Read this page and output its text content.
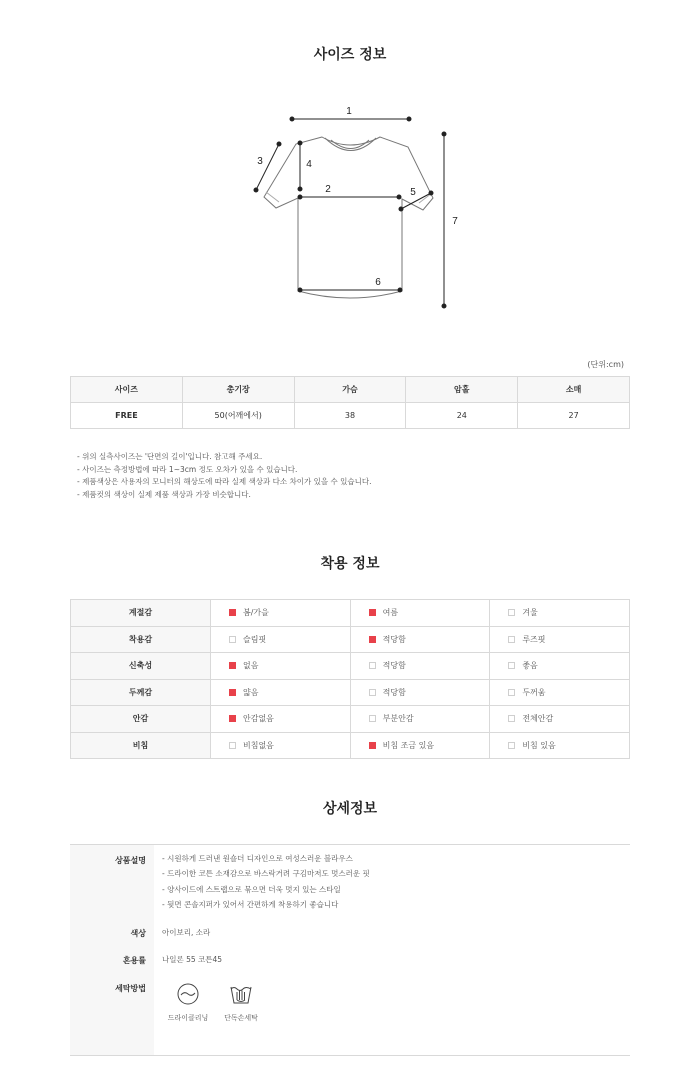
사이즈 정보
1
2
3	4
5
6
7
(단위:cm)
사이즈	총기장	가슴	암홀	소매
FREE	50(어깨에서)	38	24	27
- 위의 실측사이즈는 '단면의 길이'입니다. 참고해 주세요.
- 사이즈는 측정방법에 따라 1~3cm 정도 오차가 있을 수 있습니다.
- 제품색상은 사용자의 모니터의 해상도에 따라 실제 색상과 다소 차이가 있을 수 있습니다.
- 제품컷의 색상이 실제 제품 색상과 가장 비슷합니다.
착용 정보
계절감	봄/가을	여름	겨울
착용감	슬림핏	적당함	루즈핏
신축성	없음	적당함	좋음
두께감	얇음	적당함	두꺼움
안감	안감없음	부분안감	전체안감
비침	비침없음	비침 조금 있음	비침 있음
상세정보
상품설명 - 시원하게 드러낸 원숄더 디자인으로 여성스러운 블라우스
- 드라이한 코튼 소재감으로 바스락거려 구김마저도 멋스러운 핏
- 양사이드에 스트랩으로 묶으면 더욱 멋지 있는 스타일
- 뒷면 콘솔지퍼가 있어서 간편하게 착용하기 좋습니다
색상 아이보리, 소라
혼용률 나일론 55 코튼45
세탁방법
드라이클리닝	단독손세탁
